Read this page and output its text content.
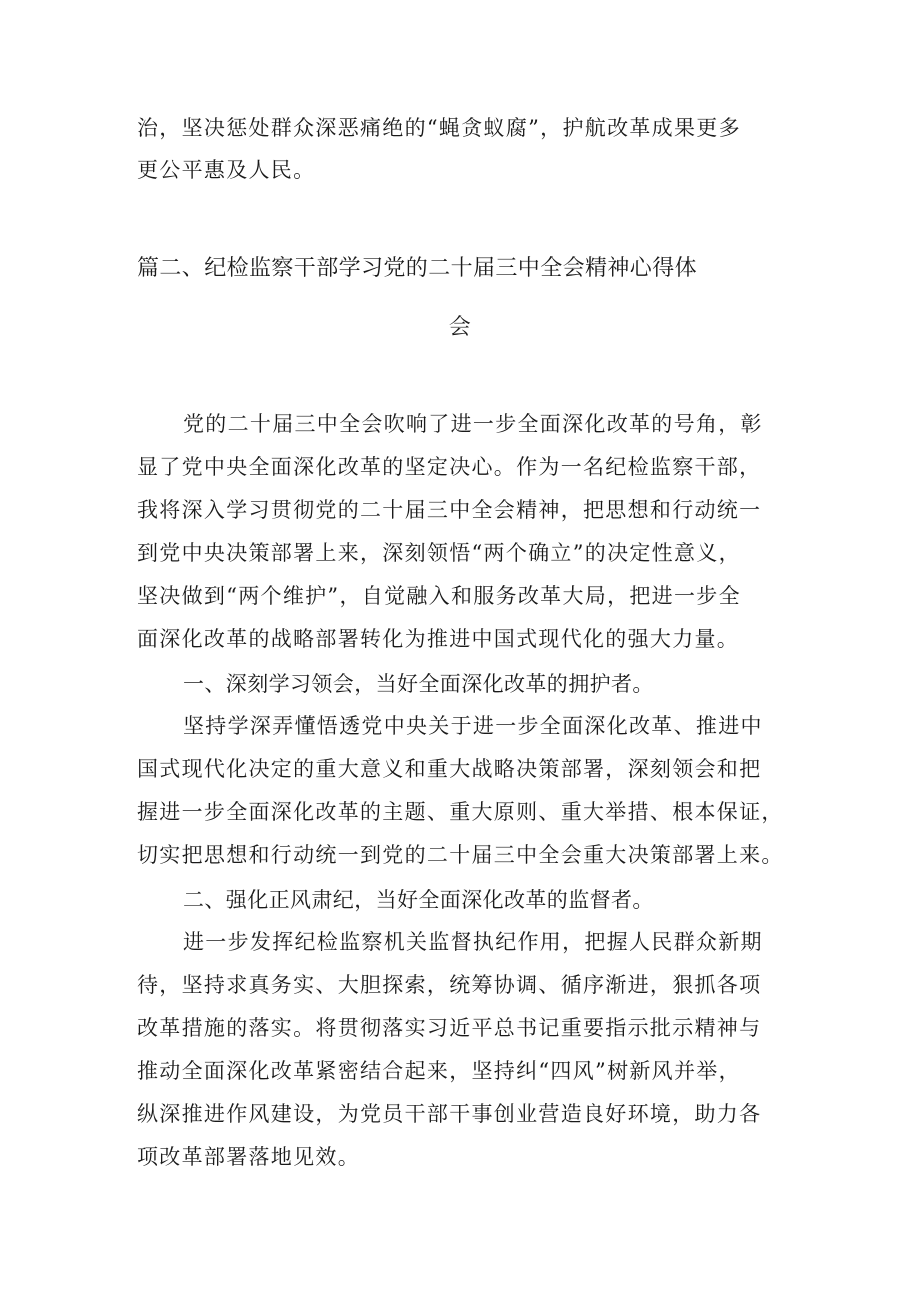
治，坚决惩处群众深恶痛绝的“蝇贪蚁腐”，护航改革成果更多
更公平惠及人民。
篇二、纪检监察干部学习党的二十届三中全会精神心得体
会
党的二十届三中全会吹响了进一步全面深化改革的号角，彰
显了党中央全面深化改革的坚定决心。作为一名纪检监察干部，
我将深入学习贯彻党的二十届三中全会精神，把思想和行动统一
到党中央决策部署上来，深刻领悟“两个确立”的决定性意义，
坚决做到“两个维护”，自觉融入和服务改革大局，把进一步全
面深化改革的战略部署转化为推进中国式现代化的强大力量。
一、深刻学习领会，当好全面深化改革的拥护者。
坚持学深弄懂悟透党中央关于进一步全面深化改革、推进中
国式现代化决定的重大意义和重大战略决策部署，深刻领会和把
握进一步全面深化改革的主题、重大原则、重大举措、根本保证，
切实把思想和行动统一到党的二十届三中全会重大决策部署上来。
二、强化正风肃纪，当好全面深化改革的监督者。
进一步发挥纪检监察机关监督执纪作用，把握人民群众新期
待，坚持求真务实、大胆探索，统筹协调、循序渐进，狠抓各项
改革措施的落实。将贯彻落实习近平总书记重要指示批示精神与
推动全面深化改革紧密结合起来，坚持纠“四风”树新风并举，
纵深推进作风建设，为党员干部干事创业营造良好环境，助力各
项改革部署落地见效。
